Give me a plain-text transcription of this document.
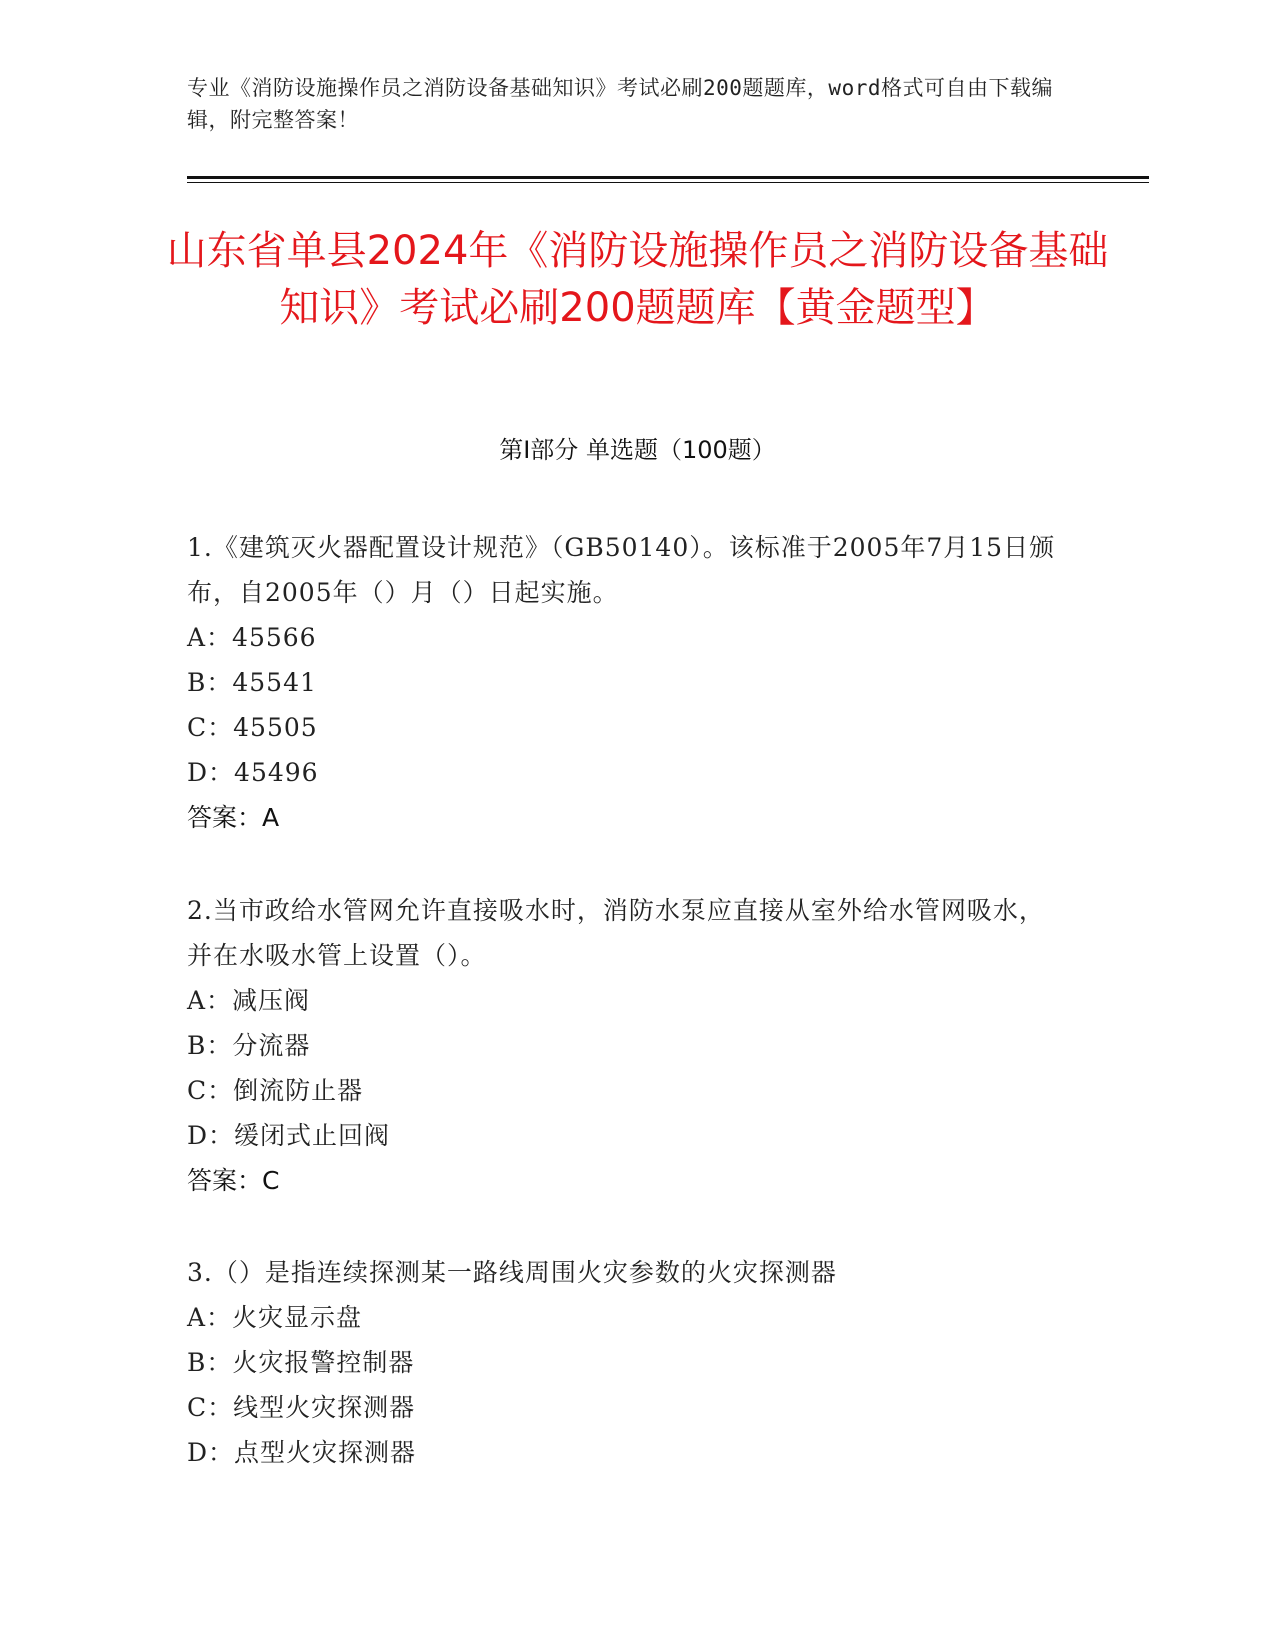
专业《消防设施操作员之消防设备基础知识》考试必刷200题题库，word格式可自由下载编辑，附完整答案！
山东省单县2024年《消防设施操作员之消防设备基础知识》考试必刷200题题库【黄金题型】
第Ⅰ部分 单选题（100题）
1.《建筑灭火器配置设计规范》（GB50140）。该标准于2005年7月15日颁布，自2005年（）月（）日起实施。
A：45566
B：45541
C：45505
D：45496
答案：A
2.当市政给水管网允许直接吸水时，消防水泵应直接从室外给水管网吸水，并在水吸水管上设置（）。
A：减压阀
B：分流器
C：倒流防止器
D：缓闭式止回阀
答案：C
3.（）是指连续探测某一路线周围火灾参数的火灾探测器
A：火灾显示盘
B：火灾报警控制器
C：线型火灾探测器
D：点型火灾探测器
